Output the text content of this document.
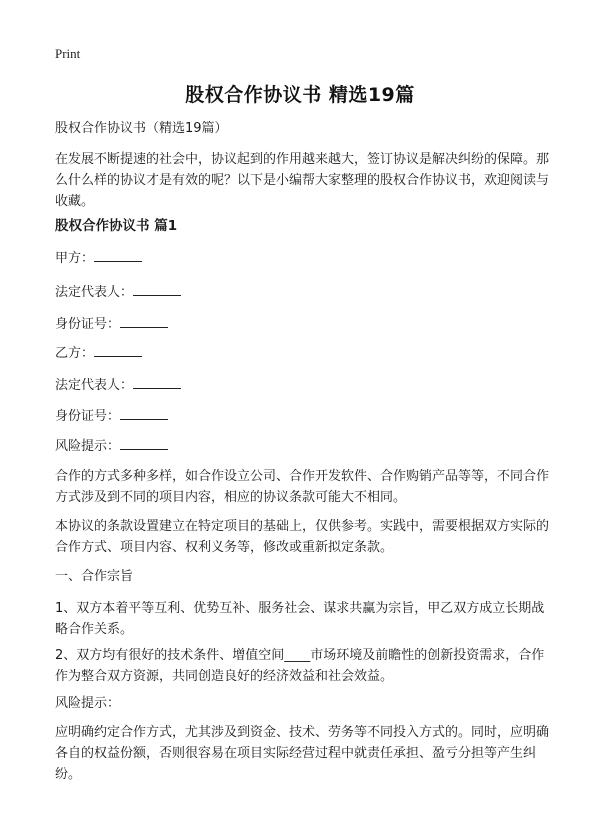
Print
股权合作协议书 精选19篇
股权合作协议书（精选19篇）
在发展不断提速的社会中，协议起到的作用越来越大，签订协议是解决纠纷的保障。那么什么样的协议才是有效的呢？以下是小编帮大家整理的股权合作协议书，欢迎阅读与收藏。
股权合作协议书 篇1
甲方：
法定代表人：
身份证号：
乙方：
法定代表人：
身份证号：
风险提示：
合作的方式多种多样，如合作设立公司、合作开发软件、合作购销产品等等，不同合作方式涉及到不同的项目内容，相应的协议条款可能大不相同。
本协议的条款设置建立在特定项目的基础上，仅供参考。实践中，需要根据双方实际的合作方式、项目内容、权利义务等，修改或重新拟定条款。
一、合作宗旨
1、双方本着平等互利、优势互补、服务社会、谋求共赢为宗旨，甲乙双方成立长期战略合作关系。
2、双方均有很好的技术条件、增值空间____市场环境及前瞻性的创新投资需求，合作作为整合双方资源，共同创造良好的经济效益和社会效益。
风险提示：
应明确约定合作方式，尤其涉及到资金、技术、劳务等不同投入方式的。同时，应明确各自的权益份额，否则很容易在项目实际经营过程中就责任承担、盈亏分担等产生纠纷。
